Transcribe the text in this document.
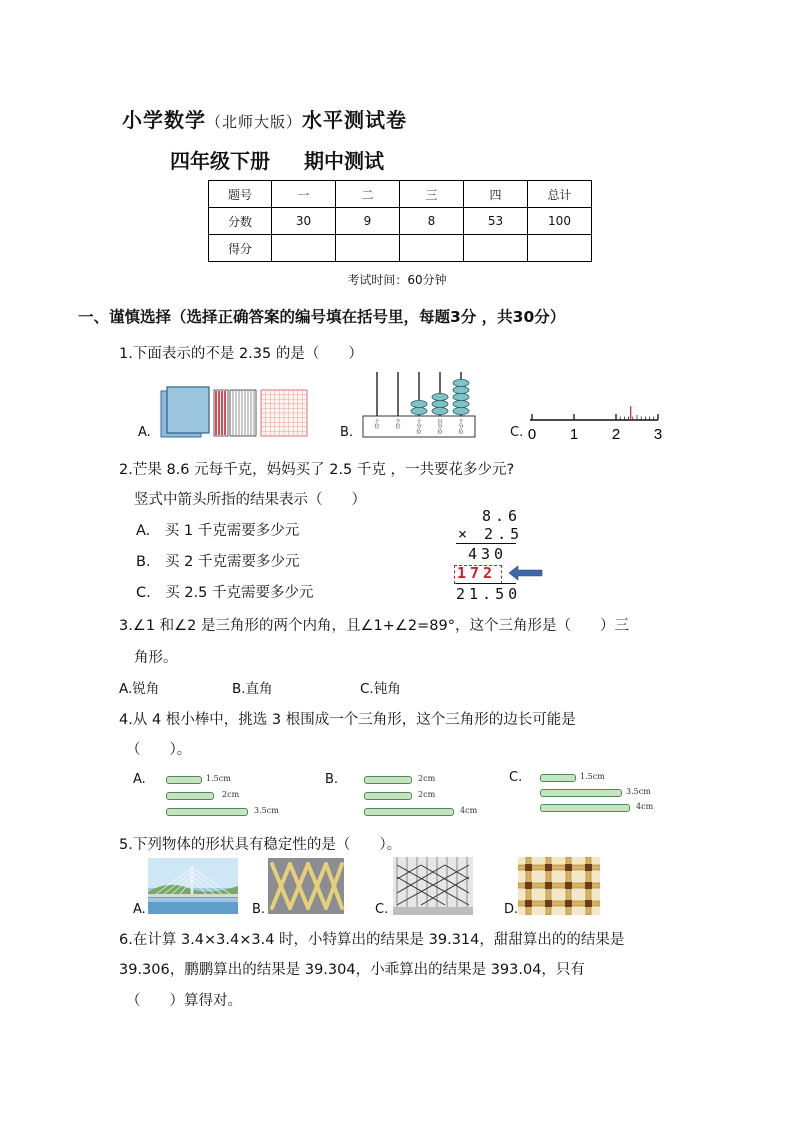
小学数学（北师大版）水平测试卷
四年级下册 期中测试
题号	一	二	三	四	总计
分数	30	9	8	53	100
得分					
考试时间：60分钟
一、谨慎选择（选择正确答案的编号填在括号里，每题3分 ，共30分）
1.下面表示的不是 2.35 的是（　　）
A.	B.
十
位
个
位
十
分
位
百
分
位
千
分
位	C. 0 1 2 3
2.芒果 8.6 元每千克，妈妈买了 2.5 千克 ，一共要花多少元?
竖式中箭头所指的结果表示（　　）
A.　买 1 千克需要多少元
B.　买 2 千克需要多少元
C.　买 2.5 千克需要多少元
8.6
× 2.5
430
172
21.50
3.∠1 和∠2 是三角形的两个内角，且∠1+∠2=89°，这个三角形是（　　）三
角形。
A.锐角	B.直角	C.钝角
4.从 4 根小棒中，挑选 3 根围成一个三角形，这个三角形的边长可能是
（　　）。
A.	1.5cm
2cm
3.5cm
B.	2cm
2cm
4cm
C.	1.5cm
3.5cm
4cm
5.下列物体的形状具有稳定性的是（　　）。
A.	B.	C.	D.
6.在计算 3.4×3.4×3.4 时，小特算出的结果是 39.314，甜甜算出的的结果是
39.306，鹏鹏算出的结果是 39.304，小乖算出的结果是 393.04，只有
（　　）算得对。
